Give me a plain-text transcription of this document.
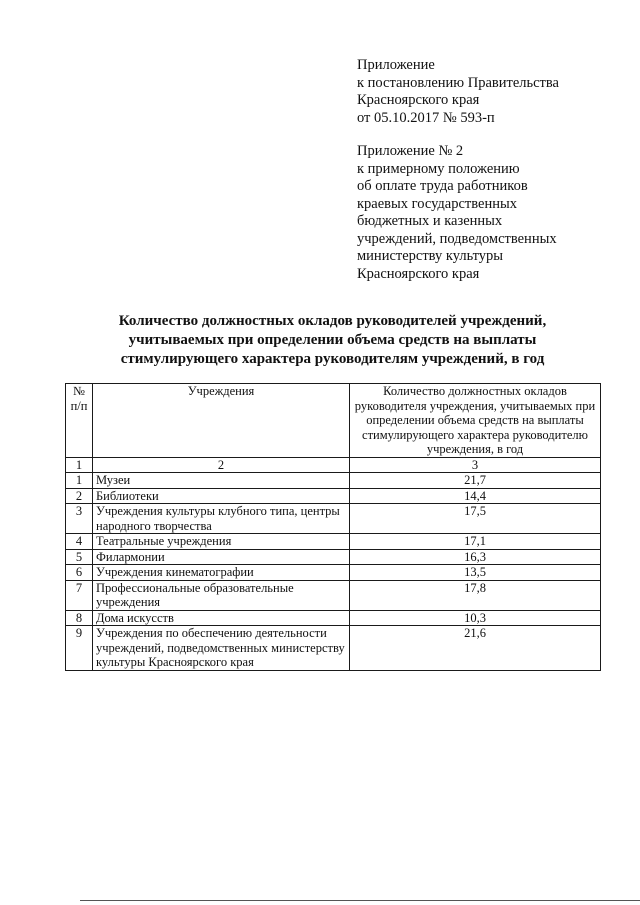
Приложение
к постановлению Правительства
Красноярского края
от 05.10.2017 № 593-п
Приложение № 2
к примерному положению
об оплате труда работников
краевых государственных
бюджетных и казенных
учреждений, подведомственных
министерству культуры
Красноярского края
Количество должностных окладов руководителей учреждений,
учитываемых при определении объема средств на выплаты
стимулирующего характера руководителям учреждений, в год
№ п/п	Учреждения	Количество должностных окладов руководителя учреждения, учитываемых при определении объема средств на выплаты стимулирующего характера руководителю учреждения, в год
1	2	3
1	Музеи	21,7
2	Библиотеки	14,4
3	Учреждения культуры клубного типа, центры народного творчества	17,5
4	Театральные учреждения	17,1
5	Филармонии	16,3
6	Учреждения кинематографии	13,5
7	Профессиональные образовательные учреждения	17,8
8	Дома искусств	10,3
9	Учреждения по обеспечению деятельности учреждений, подведомственных министерству культуры Красноярского края	21,6
